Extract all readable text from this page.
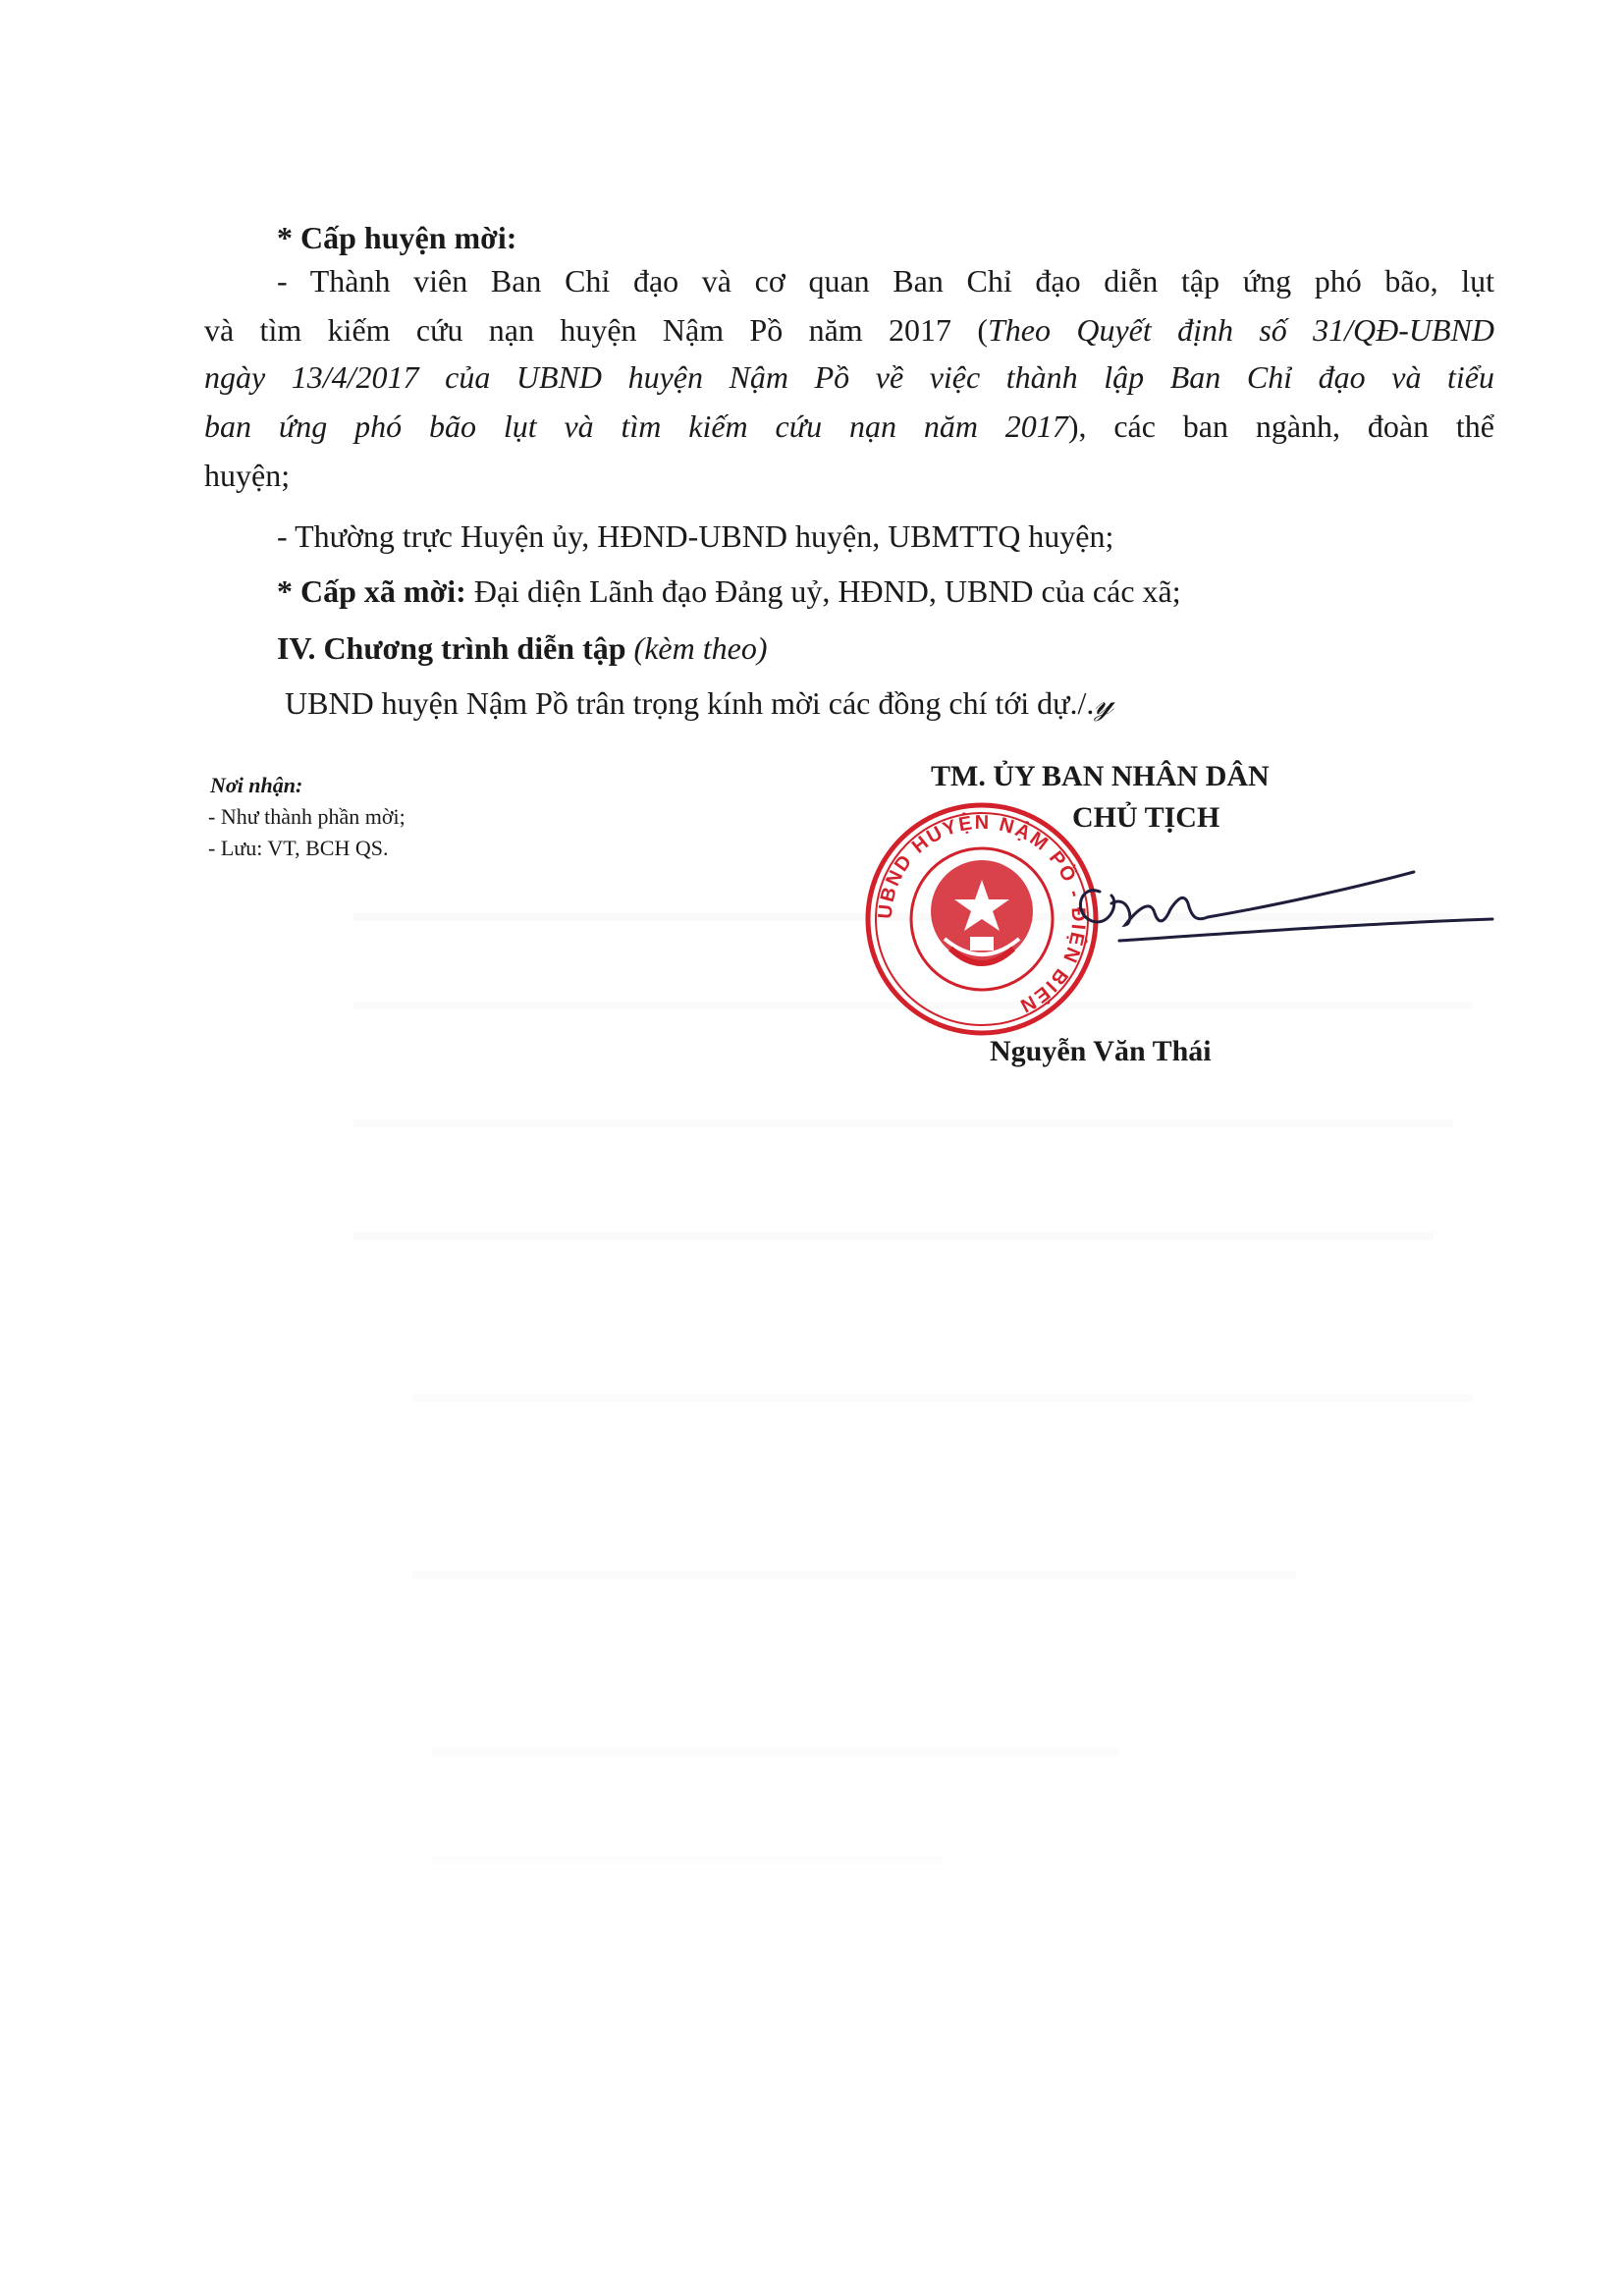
* Cấp huyện mời:
- Thành viên Ban Chỉ đạo và cơ quan Ban Chỉ đạo diễn tập ứng phó bão, lụt
và tìm kiếm cứu nạn huyện Nậm Pồ năm 2017 (Theo Quyết định số 31/QĐ-UBND
ngày 13/4/2017 của UBND huyện Nậm Pồ về việc thành lập Ban Chỉ đạo và tiểu
ban ứng phó bão lụt và tìm kiếm cứu nạn năm 2017), các ban ngành, đoàn thể
huyện;
- Thường trực Huyện ủy, HĐND-UBND huyện, UBMTTQ huyện;
* Cấp xã mời: Đại diện Lãnh đạo Đảng uỷ, HĐND, UBND của các xã;
IV. Chương trình diễn tập (kèm theo)
UBND huyện Nậm Pồ trân trọng kính mời các đồng chí tới dự./.𝓎
Nơi nhận:
- Như thành phần mời;
- Lưu: VT, BCH QS.
TM. ỦY BAN NHÂN DÂN
CHỦ TỊCH
UBND HUYỆN NẬM PỒ - ĐIỆN BIÊN
Nguyễn Văn Thái
